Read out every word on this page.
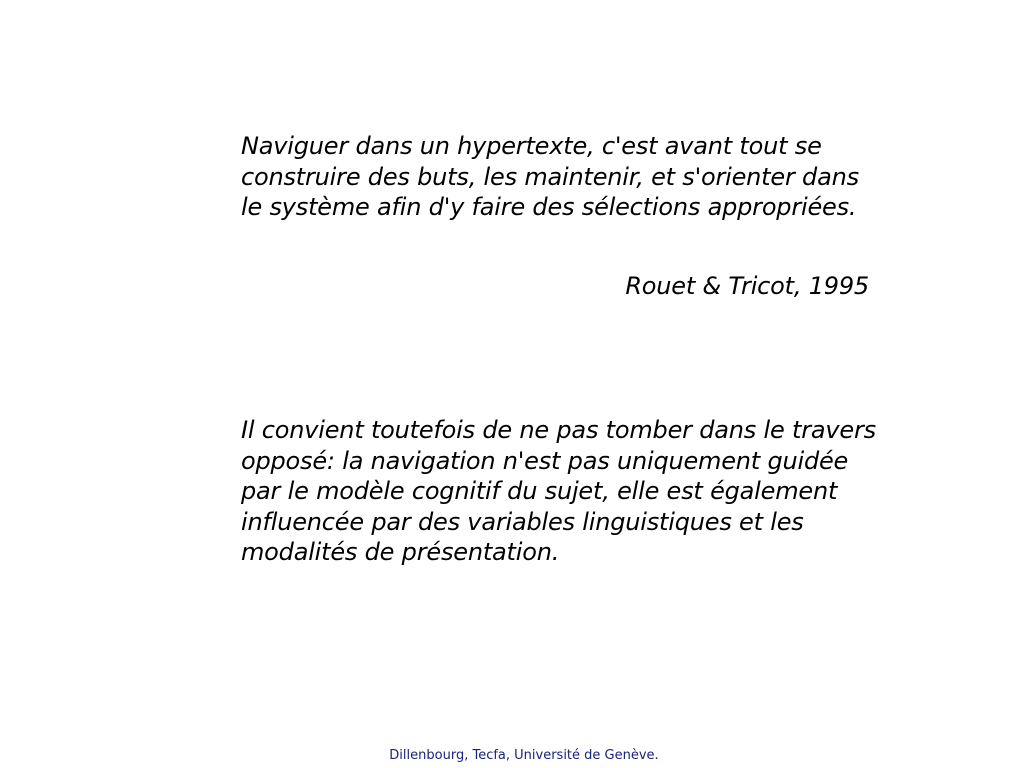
Naviguer dans un hypertexte, c'est avant tout se construire des buts, les maintenir, et s'orienter dans le système afin d'y faire des sélections appropriées.

Rouet & Tricot, 1995

Il convient toutefois de ne pas tomber dans le travers opposé: la navigation n'est pas uniquement guidée par le modèle cognitif du sujet, elle est également influencée par des variables linguistiques et les modalités de présentation.

Dillenbourg, Tecfa, Université de Genève.
